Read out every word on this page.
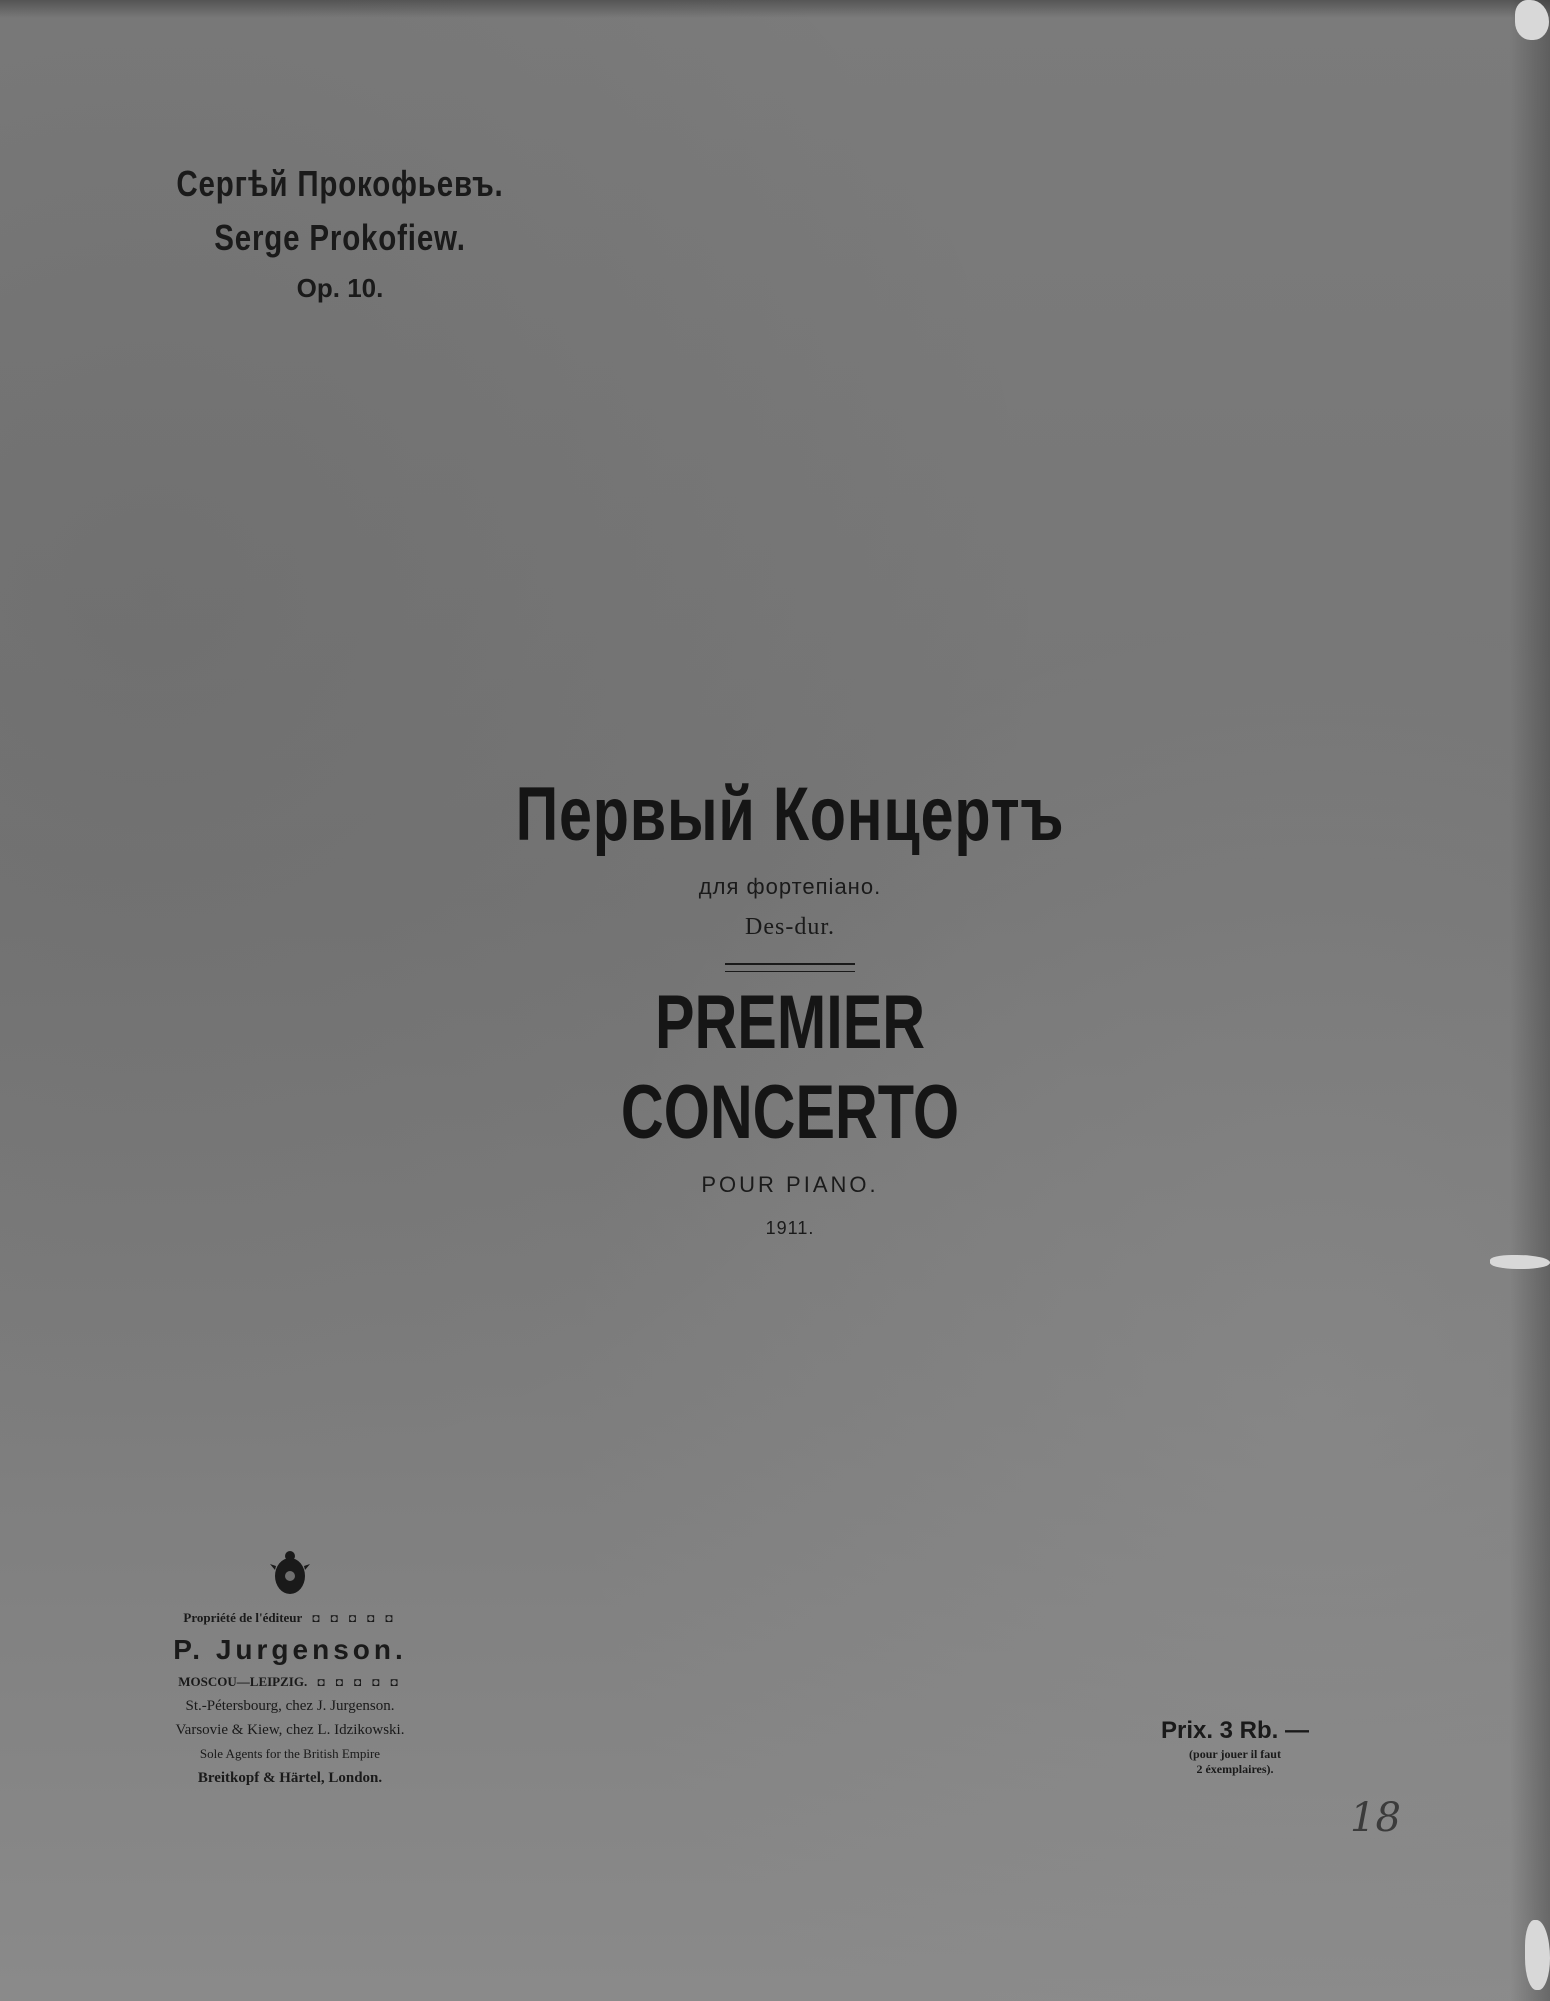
Сергѣй Прокофьевъ.
Serge Prokofiew.
Op. 10.
Первый Концертъ
для фортепіано.
Des-dur.
PREMIER CONCERTO
POUR PIANO.
1911.
Propriété de l'éditeur  ◘ ◘ ◘ ◘ ◘
P. Jurgenson.
MOSCOU—LEIPZIG.  ◘ ◘ ◘ ◘ ◘
St.-Pétersbourg, chez J. Jurgenson.
Varsovie & Kiew, chez L. Idzikowski.
Sole Agents for the British Empire
Breitkopf & Härtel, London.
Prix. 3 Rb. —
(pour jouer il faut
2 éxemplaires).
18
